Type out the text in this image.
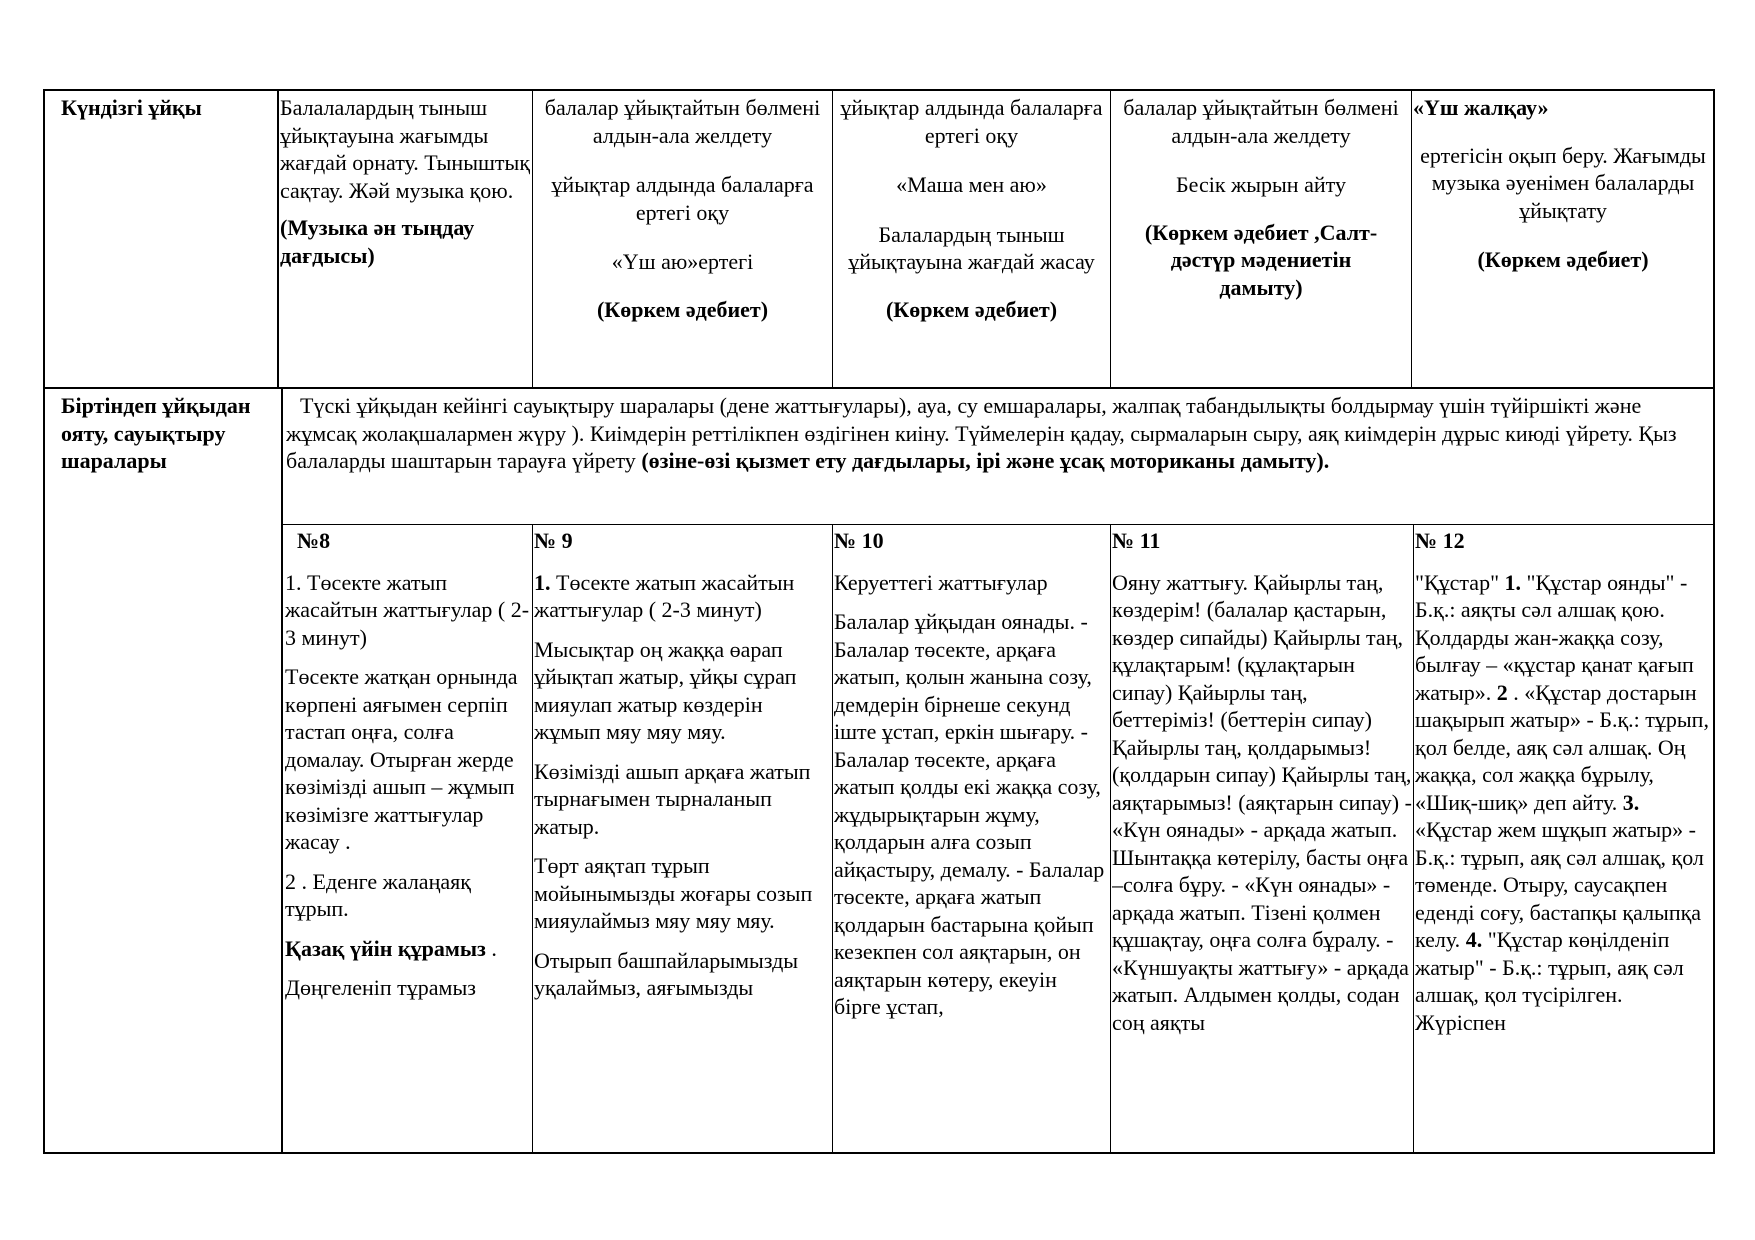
Күндізгі ұйқы	Балалалардың тыныш ұйықтауына жағымды жағдай орнату. Тыныштық сақтау. Жәй музыка қою.

(Музыка ән тыңдау дағдысы)

балалар ұйықтайтын бөлмені алдын-ала желдету

ұйықтар алдында балаларға ертегі оқу

«Үш аю»ертегі

(Көркем әдебиет)

ұйықтар алдында балаларға ертегі оқу

«Маша мен аю»

Балалардың тыныш ұйықтауына жағдай жасау

(Көркем әдебиет)

балалар ұйықтайтын бөлмені алдын-ала желдету

Бесік жырын айту

(Көркем әдебиет ,Салт-дәстүр мәдениетін дамыту)

«Үш жалқау»

ертегісін оқып беру. Жағымды музыка әуенімен балаларды ұйықтату

(Көркем әдебиет)

Біртіндеп ұйқыдан ояту, сауықтыру шаралары
Түскі ұйқыдан кейінгі сауықтыру шаралары (дене жаттығулары), ауа, су емшаралары, жалпақ табандылықты болдырмау үшін түйіршікті және жұмсақ жолақшалармен жүру ). Киімдерін реттілікпен өздігінен киіну. Түймелерін қадау, сырмаларын сыру, аяқ киімдерін дұрыс киюді үйрету. Қыз балаларды шаштарын тарауға үйрету (өзіне-өзі қызмет ету дағдылары, ірі және ұсақ моториканы дамыту).

№8

1. Төсекте жатып жасайтын жаттығулар ( 2-3 минут)

Төсекте жатқан орнында көрпені аяғымен серпіп тастап оңға, солға домалау. Отырған жерде көзімізді ашып – жұмып көзімізге жаттығулар жасау .

2 . Еденге жалаңаяқ тұрып.

Қазақ үйін құрамыз .

Дөңгеленіп тұрамыз

№ 9

1. Төсекте жатып жасайтын жаттығулар ( 2-3 минут)

Мысықтар оң жаққа өарап ұйықтап жатыр, ұйқы сұрап мияулап жатыр көздерін жұмып мяу мяу мяу.

Көзімізді ашып арқаға жатып тырнағымен тырналанып жатыр.

Төрт аяқтап тұрып мойынымызды жоғары созып мияулаймыз мяу мяу мяу.

Отырып башпайларымызды уқалаймыз, аяғымызды

№ 10

Керуеттегі жаттығулар

Балалар ұйқыдан оянады. - Балалар төсекте, арқаға жатып, қолын жанына созу, демдерін бірнеше секунд іште ұстап, еркін шығару. - Балалар төсекте, арқаға жатып қолды екі жаққа созу, жұдырықтарын жұму, қолдарын алға созып айқастыру, демалу. - Балалар төсекте, арқаға жатып қолдарын бастарына қойып кезекпен сол аяқтарын, он аяқтарын көтеру, екеуін бірге ұстап,

№ 11

Ояну жаттығу. Қайырлы таң, көздерім! (балалар қастарын, көздер сипайды) Қайырлы таң, құлақтарым! (құлақтарын сипау) Қайырлы таң, беттеріміз! (беттерін сипау) Қайырлы таң, қолдарымыз! (қолдарын сипау) Қайырлы таң, аяқтарымыз! (аяқтарын сипау) - «Күн оянады» - арқада жатып. Шынтаққа көтерілу, басты оңға –солға бұру. - «Күн оянады» - арқада жатып. Тізені қолмен құшақтау, оңға солға бұралу. - «Күншуақты жаттығу» - арқада жатып. Алдымен қолды, содан соң аяқты

№ 12

"Құстар" 1. "Құстар оянды" - Б.қ.: аяқты сәл алшақ қою. Қолдарды жан-жаққа созу, былғау – «құстар қанат қағып жатыр». 2 . «Құстар достарын шақырып жатыр» - Б.қ.: тұрып, қол белде, аяқ сәл алшақ. Оң жаққа, сол жаққа бұрылу, «Шиқ-шиқ» деп айту. 3. «Құстар жем шұқып жатыр» - Б.қ.: тұрып, аяқ сәл алшақ, қол төменде. Отыру, саусақпен еденді соғу, бастапқы қалыпқа келу. 4. "Құстар көңілденіп жатыр" - Б.қ.: тұрып, аяқ сәл алшақ, қол түсірілген. Жүріспен
